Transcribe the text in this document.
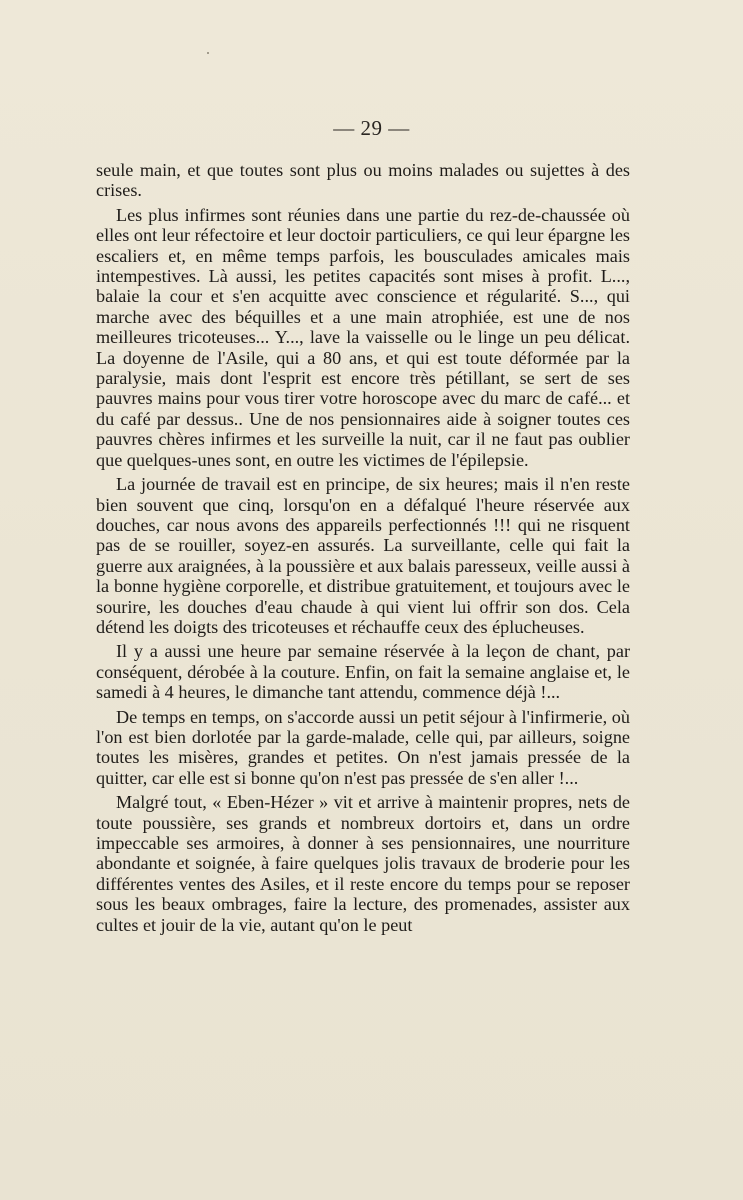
— 29 —

seule main, et que toutes sont plus ou moins malades ou sujettes à des crises.

Les plus infirmes sont réunies dans une partie du rez-de-chaussée où elles ont leur réfectoire et leur doctoir particuliers, ce qui leur épargne les escaliers et, en même temps parfois, les bousculades amicales mais intempestives. Là aussi, les petites capacités sont mises à profit. L..., balaie la cour et s'en acquitte avec conscience et régularité. S..., qui marche avec des béquilles et a une main atrophiée, est une de nos meilleures tricoteuses... Y..., lave la vaisselle ou le linge un peu délicat. La doyenne de l'Asile, qui a 80 ans, et qui est toute déformée par la paralysie, mais dont l'esprit est encore très pétillant, se sert de ses pauvres mains pour vous tirer votre horoscope avec du marc de café... et du café par dessus.. Une de nos pensionnaires aide à soigner toutes ces pauvres chères infirmes et les surveille la nuit, car il ne faut pas oublier que quelques-unes sont, en outre les victimes de l'épilepsie.

La journée de travail est en principe, de six heures; mais il n'en reste bien souvent que cinq, lorsqu'on en a défalqué l'heure réservée aux douches, car nous avons des appareils perfectionnés !!! qui ne risquent pas de se rouiller, soyez-en assurés. La surveillante, celle qui fait la guerre aux araignées, à la poussière et aux balais paresseux, veille aussi à la bonne hygiène corporelle, et distribue gratuitement, et toujours avec le sourire, les douches d'eau chaude à qui vient lui offrir son dos. Cela détend les doigts des tricoteuses et réchauffe ceux des éplucheuses.

Il y a aussi une heure par semaine réservée à la leçon de chant, par conséquent, dérobée à la couture. Enfin, on fait la semaine anglaise et, le samedi à 4 heures, le dimanche tant attendu, commence déjà !...

De temps en temps, on s'accorde aussi un petit séjour à l'infirmerie, où l'on est bien dorlotée par la garde-malade, celle qui, par ailleurs, soigne toutes les misères, grandes et petites. On n'est jamais pressée de la quitter, car elle est si bonne qu'on n'est pas pressée de s'en aller !...

Malgré tout, « Eben-Hézer » vit et arrive à maintenir propres, nets de toute poussière, ses grands et nombreux dortoirs et, dans un ordre impeccable ses armoires, à donner à ses pensionnaires, une nourriture abondante et soignée, à faire quelques jolis travaux de broderie pour les différentes ventes des Asiles, et il reste encore du temps pour se reposer sous les beaux ombrages, faire la lecture, des promenades, assister aux cultes et jouir de la vie, autant qu'on le peut
